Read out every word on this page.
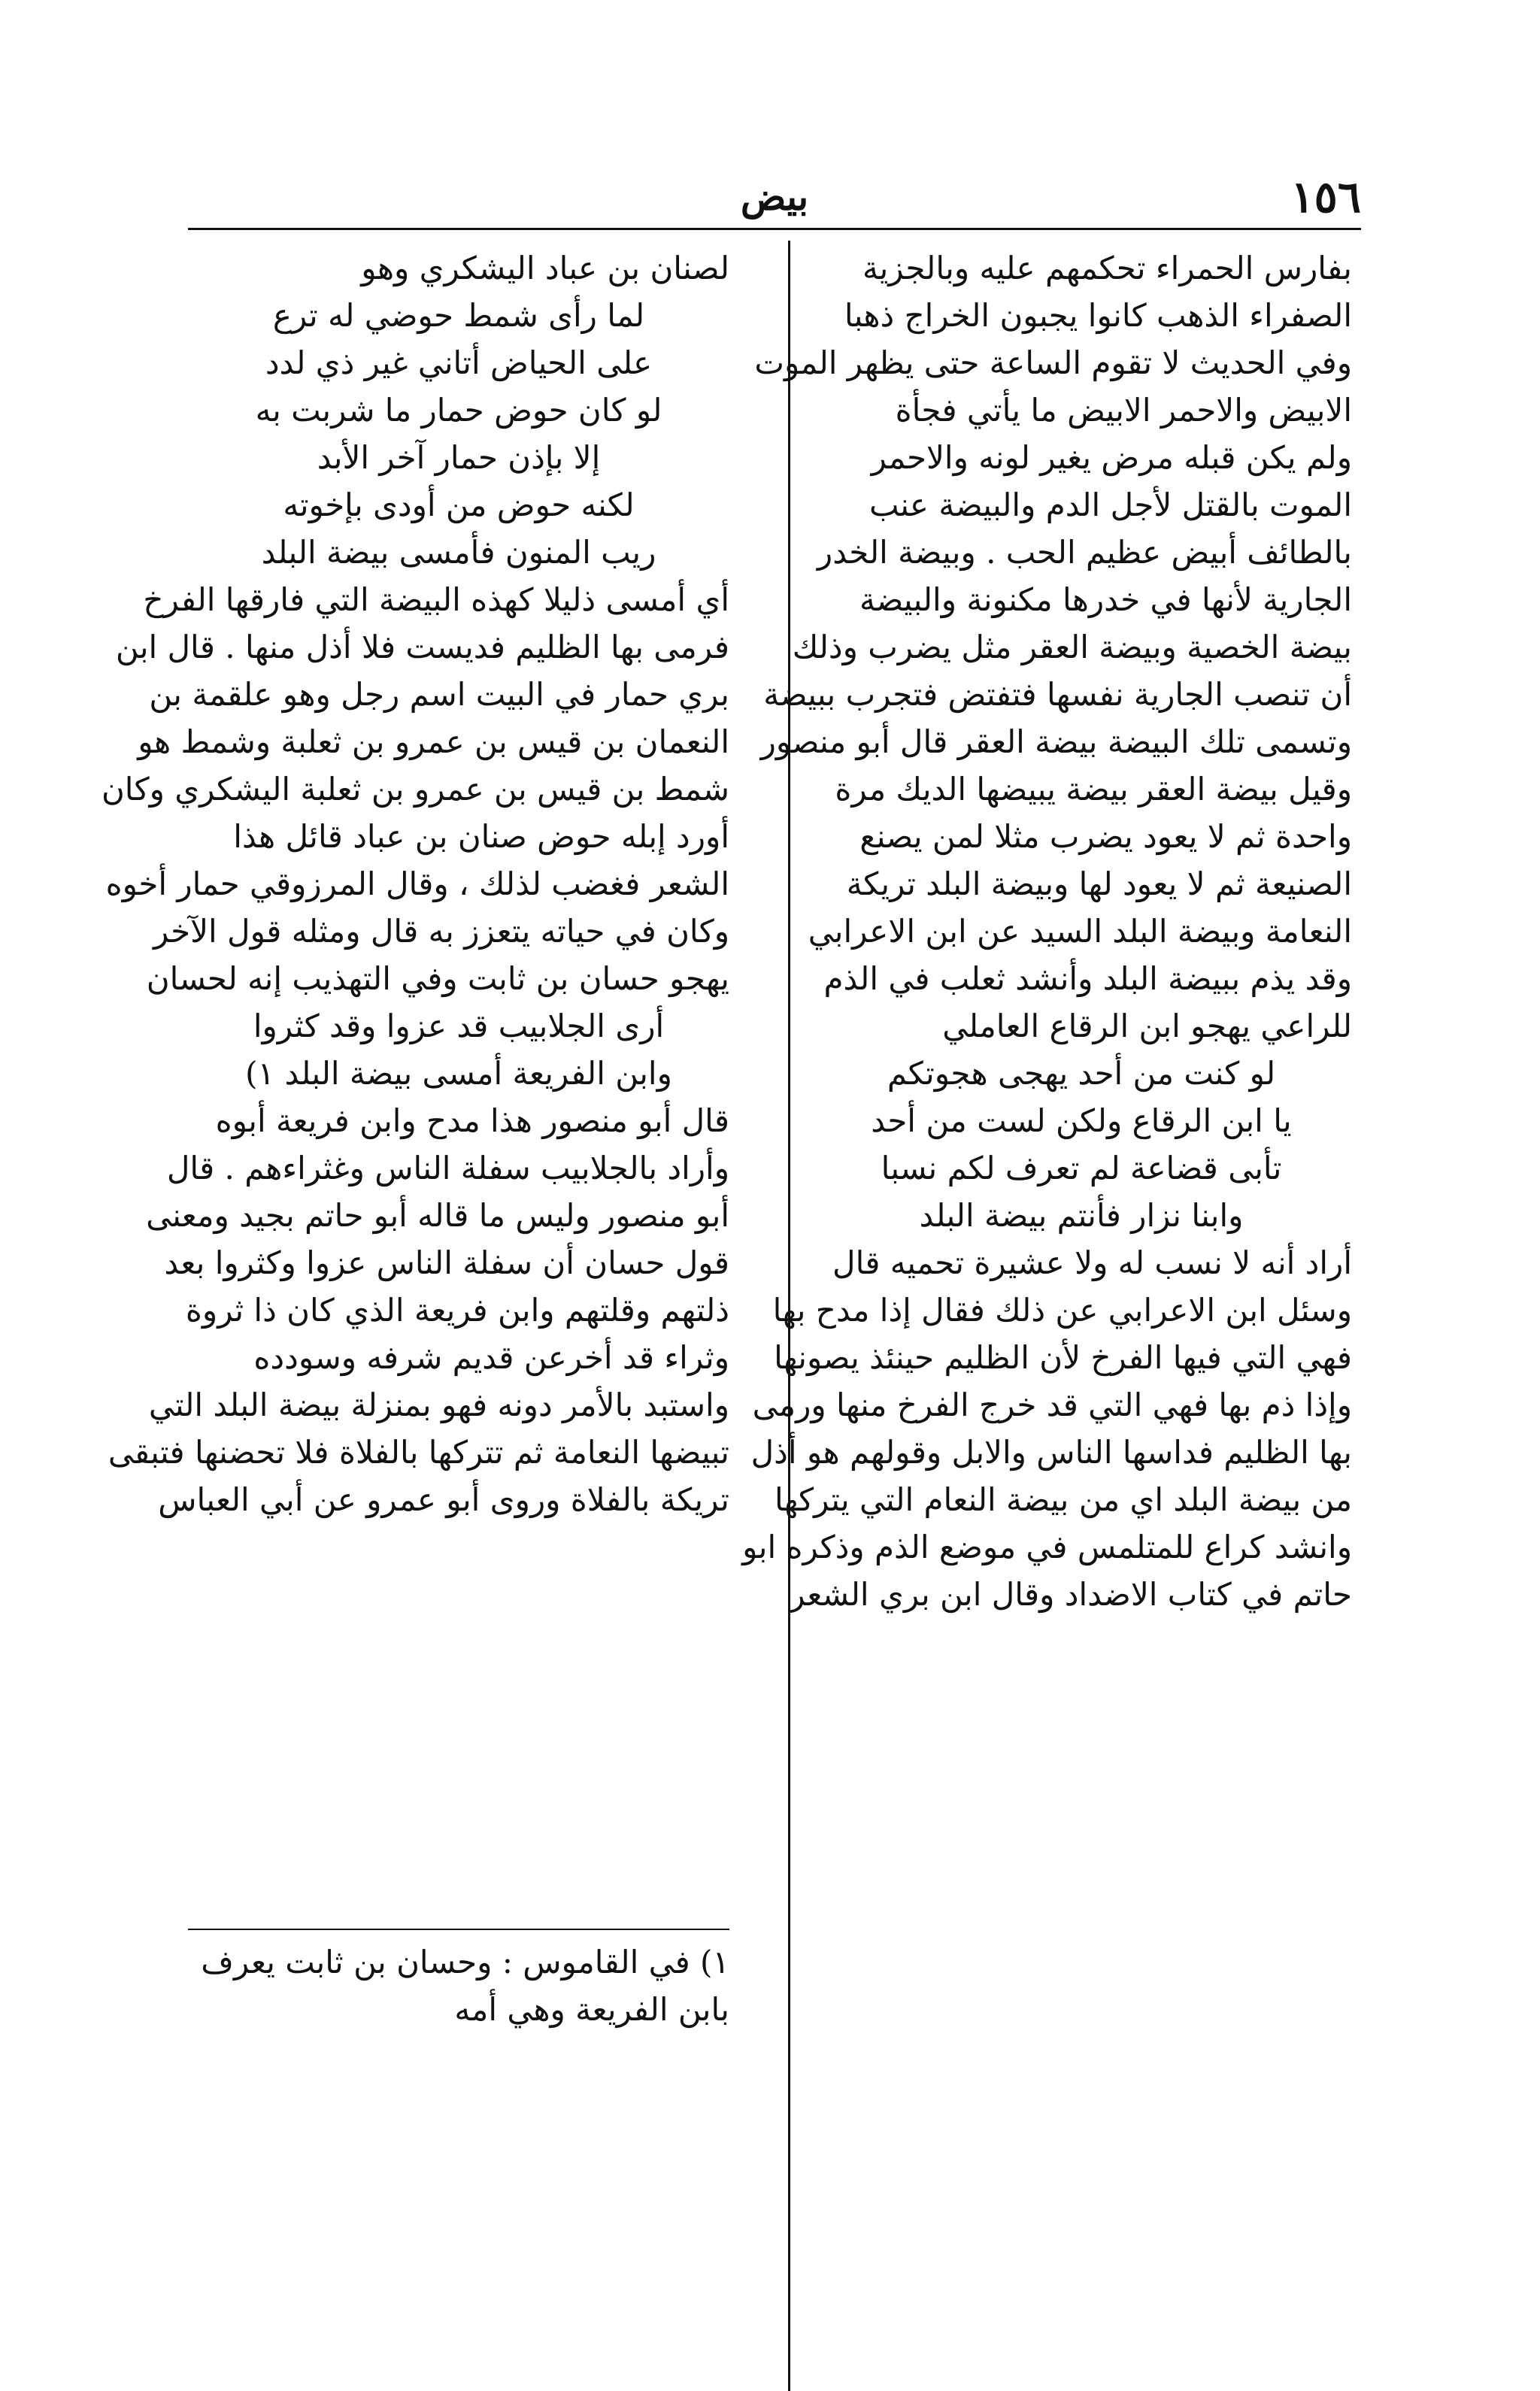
١٥٦
بيض
بفارس الحمراء تحكمهم عليه وبالجزية
الصفراء الذهب كانوا يجبون الخراج ذهبا
وفي الحديث لا تقوم الساعة حتى يظهر الموت
الابيض والاحمر الابيض ما يأتي فجأة
ولم يكن قبله مرض يغير لونه والاحمر
الموت بالقتل لأجل الدم والبيضة عنب
بالطائف أبيض عظيم الحب . وبيضة الخدر
الجارية لأنها في خدرها مكنونة والبيضة
بيضة الخصية وبيضة العقر مثل يضرب وذلك
أن تنصب الجارية نفسها فتفتض فتجرب ببيضة
وتسمى تلك البيضة بيضة العقر قال أبو منصور
وقيل بيضة العقر بيضة يبيضها الديك مرة
واحدة ثم لا يعود يضرب مثلا لمن يصنع
الصنيعة ثم لا يعود لها وبيضة البلد تريكة
النعامة وبيضة البلد السيد عن ابن الاعرابي
وقد يذم ببيضة البلد وأنشد ثعلب في الذم
للراعي يهجو ابن الرقاع العاملي
لو كنت من أحد يهجى هجوتكم
يا ابن الرقاع ولكن لست من أحد
تأبى قضاعة لم تعرف لكم نسبا
وابنا نزار فأنتم بيضة البلد
أراد أنه لا نسب له ولا عشيرة تحميه قال
وسئل ابن الاعرابي عن ذلك فقال إذا مدح بها
فهي التي فيها الفرخ لأن الظليم حينئذ يصونها
وإذا ذم بها فهي التي قد خرج الفرخ منها ورمى
بها الظليم فداسها الناس والابل وقولهم هو أذل
من بيضة البلد اي من بيضة النعام التي يتركها
وانشد كراع للمتلمس في موضع الذم وذكره ابو
حاتم في كتاب الاضداد وقال ابن بري الشعر
لصنان بن عباد اليشكري وهو
لما رأى شمط حوضي له ترع
على الحياض أتاني غير ذي لدد
لو كان حوض حمار ما شربت به
إلا بإذن حمار آخر الأبد
لكنه حوض من أودى بإخوته
ريب المنون فأمسى بيضة البلد
أي أمسى ذليلا كهذه البيضة التي فارقها الفرخ
فرمى بها الظليم فديست فلا أذل منها . قال ابن
بري حمار في البيت اسم رجل وهو علقمة بن
النعمان بن قيس بن عمرو بن ثعلبة وشمط هو
شمط بن قيس بن عمرو بن ثعلبة اليشكري وكان
أورد إبله حوض صنان بن عباد قائل هذا
الشعر فغضب لذلك ، وقال المرزوقي حمار أخوه
وكان في حياته يتعزز به قال ومثله قول الآخر
يهجو حسان بن ثابت وفي التهذيب إنه لحسان
أرى الجلابيب قد عزوا وقد كثروا
وابن الفريعة أمسى بيضة البلد ١)
قال أبو منصور هذا مدح وابن فريعة أبوه
وأراد بالجلابيب سفلة الناس وغثراءهم . قال
أبو منصور وليس ما قاله أبو حاتم بجيد ومعنى
قول حسان أن سفلة الناس عزوا وكثروا بعد
ذلتهم وقلتهم وابن فريعة الذي كان ذا ثروة
وثراء قد أخرعن قديم شرفه وسودده
واستبد بالأمر دونه فهو بمنزلة بيضة البلد التي
تبيضها النعامة ثم تتركها بالفلاة فلا تحضنها فتبقى
تريكة بالفلاة وروى أبو عمرو عن أبي العباس
١) في القاموس : وحسان بن ثابت يعرف
بابن الفريعة وهي أمه
